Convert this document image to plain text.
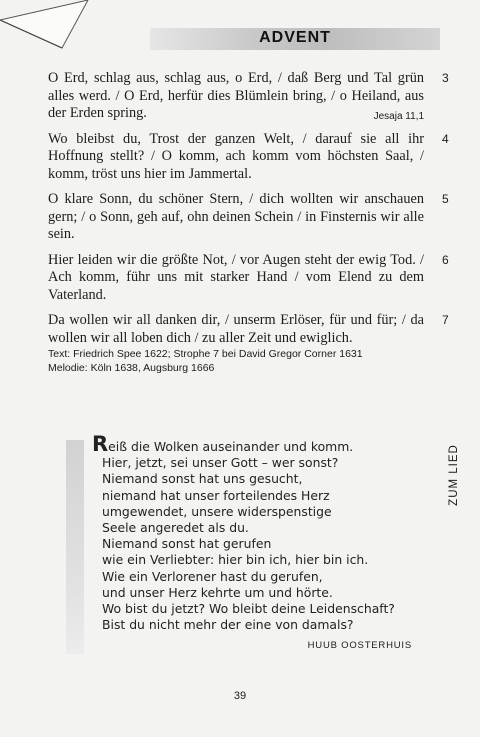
ADVENT
O Erd, schlag aus, schlag aus, o Erd, / daß Berg und Tal grün alles werd. / O Erd, herfür dies Blümlein bring, / o Heiland, aus der Erden spring.	Jesaja 11,1
3
Wo bleibst du, Trost der ganzen Welt, / darauf sie all ihr Hoffnung stellt? / O komm, ach komm vom höchsten Saal, / komm, tröst uns hier im Jammertal.
4
O klare Sonn, du schöner Stern, / dich wollten wir anschauen gern; / o Sonn, geh auf, ohn deinen Schein / in Finsternis wir alle sein.
5
Hier leiden wir die größte Not, / vor Augen steht der ewig Tod. / Ach komm, führ uns mit starker Hand / vom Elend zu dem Vaterland.
6
Da wollen wir all danken dir, / unserm Erlöser, für und für; / da wollen wir all loben dich / zu aller Zeit und ewiglich.
7
Text: Friedrich Spee 1622; Strophe 7 bei David Gregor Corner 1631
Melodie: Köln 1638, Augsburg 1666
ZUM LIED
Reiß die Wolken auseinander und komm.
Hier, jetzt, sei unser Gott – wer sonst?
Niemand sonst hat uns gesucht,
niemand hat unser forteilendes Herz
umgewendet, unsere widerspenstige
Seele angeredet als du.
Niemand sonst hat gerufen
wie ein Verliebter: hier bin ich, hier bin ich.
Wie ein Verlorener hast du gerufen,
und unser Herz kehrte um und hörte.
Wo bist du jetzt? Wo bleibt deine Leidenschaft?
Bist du nicht mehr der eine von damals?
HUUB OOSTERHUIS
39
